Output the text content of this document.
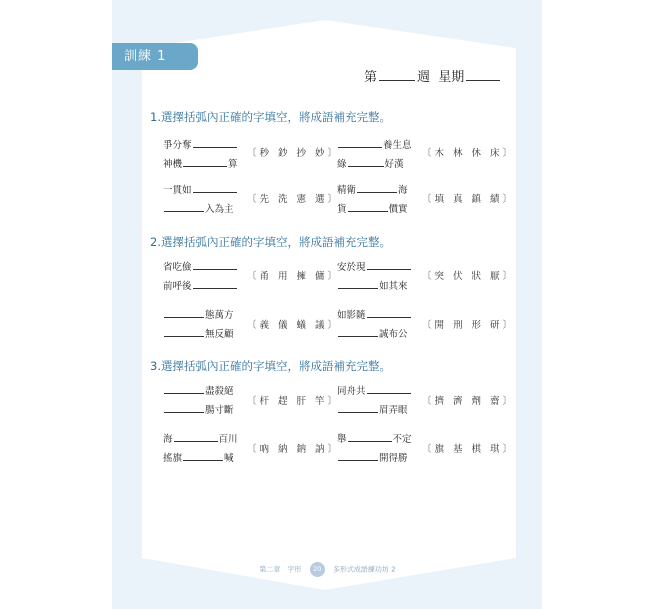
訓練 1
第	週 星期
1.選擇括弧內正確的字填空，將成語補充完整。
爭分奪
神機	算
〔秒 鈔 抄 妙〕
養生息
綠	好漢
〔木 林 休 床〕
一貫如
入為主
〔先 洗 憲 選〕
精衛	海
貨	價實
〔填 真 鎮 績〕
2.選擇括弧內正確的字填空，將成語補充完整。
省吃儉
前呼後
〔甬 用 擁 傭〕
安於現
如其來
〔突 伏 狀 厭〕
態萬方
無反顧
〔義 儀 蟻 議〕
如影隨
誠布公
〔開 刑 形 研〕
3.選擇括弧內正確的字填空，將成語補充完整。
盡殺絕
腸寸斷
〔杆 趕 肝 竿〕
同舟共
眉弄眼
〔擠 濟 劑 齋〕
海	百川
搖旗	喊
〔吶 納 鈉 訥〕
舉	不定
開得勝
〔旗 基 棋 琪〕
第二章　字形 20 多形式成語練功坊 2
